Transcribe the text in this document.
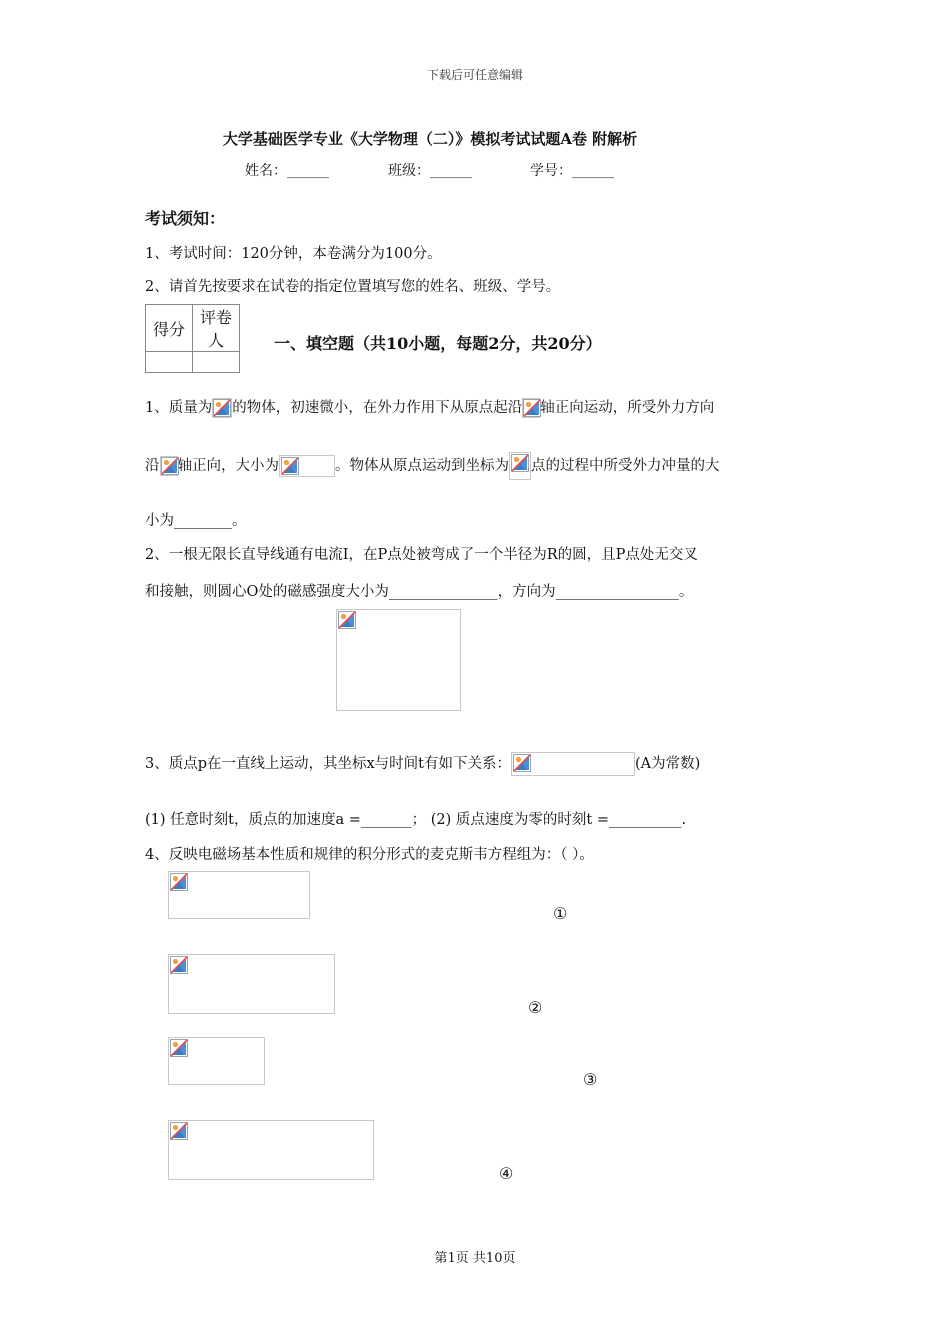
下载后可任意编辑
大学基础医学专业《大学物理（二）》模拟考试试题A卷 附解析
姓名：______	班级：______	学号：______
考试须知：
1、考试时间：120分钟，本卷满分为100分。
2、请首先按要求在试卷的指定位置填写您的姓名、班级、学号。
得分	评卷人
		一、填空题（共10小题，每题2分，共20分）
1、质量为 的物体，初速微小，在外力作用下从原点起沿 轴正向运动，所受外力方向
沿 轴正向，大小为	。物体从原点运动到坐标为 点的过程中所受外力冲量的大
小为________。
2、一根无限长直导线通有电流I，在P点处被弯成了一个半径为R的圆，且P点处无交叉
和接触，则圆心O处的磁感强度大小为_______________，方向为_________________。
3、质点p在一直线上运动，其坐标x与时间t有如下关系：	(A为常数)
(1) 任意时刻t，质点的加速度a =_______； (2) 质点速度为零的时刻t =__________.
4、反映电磁场基本性质和规律的积分形式的麦克斯韦方程组为：（ ）。
①
②
③
④
第1页 共10页
